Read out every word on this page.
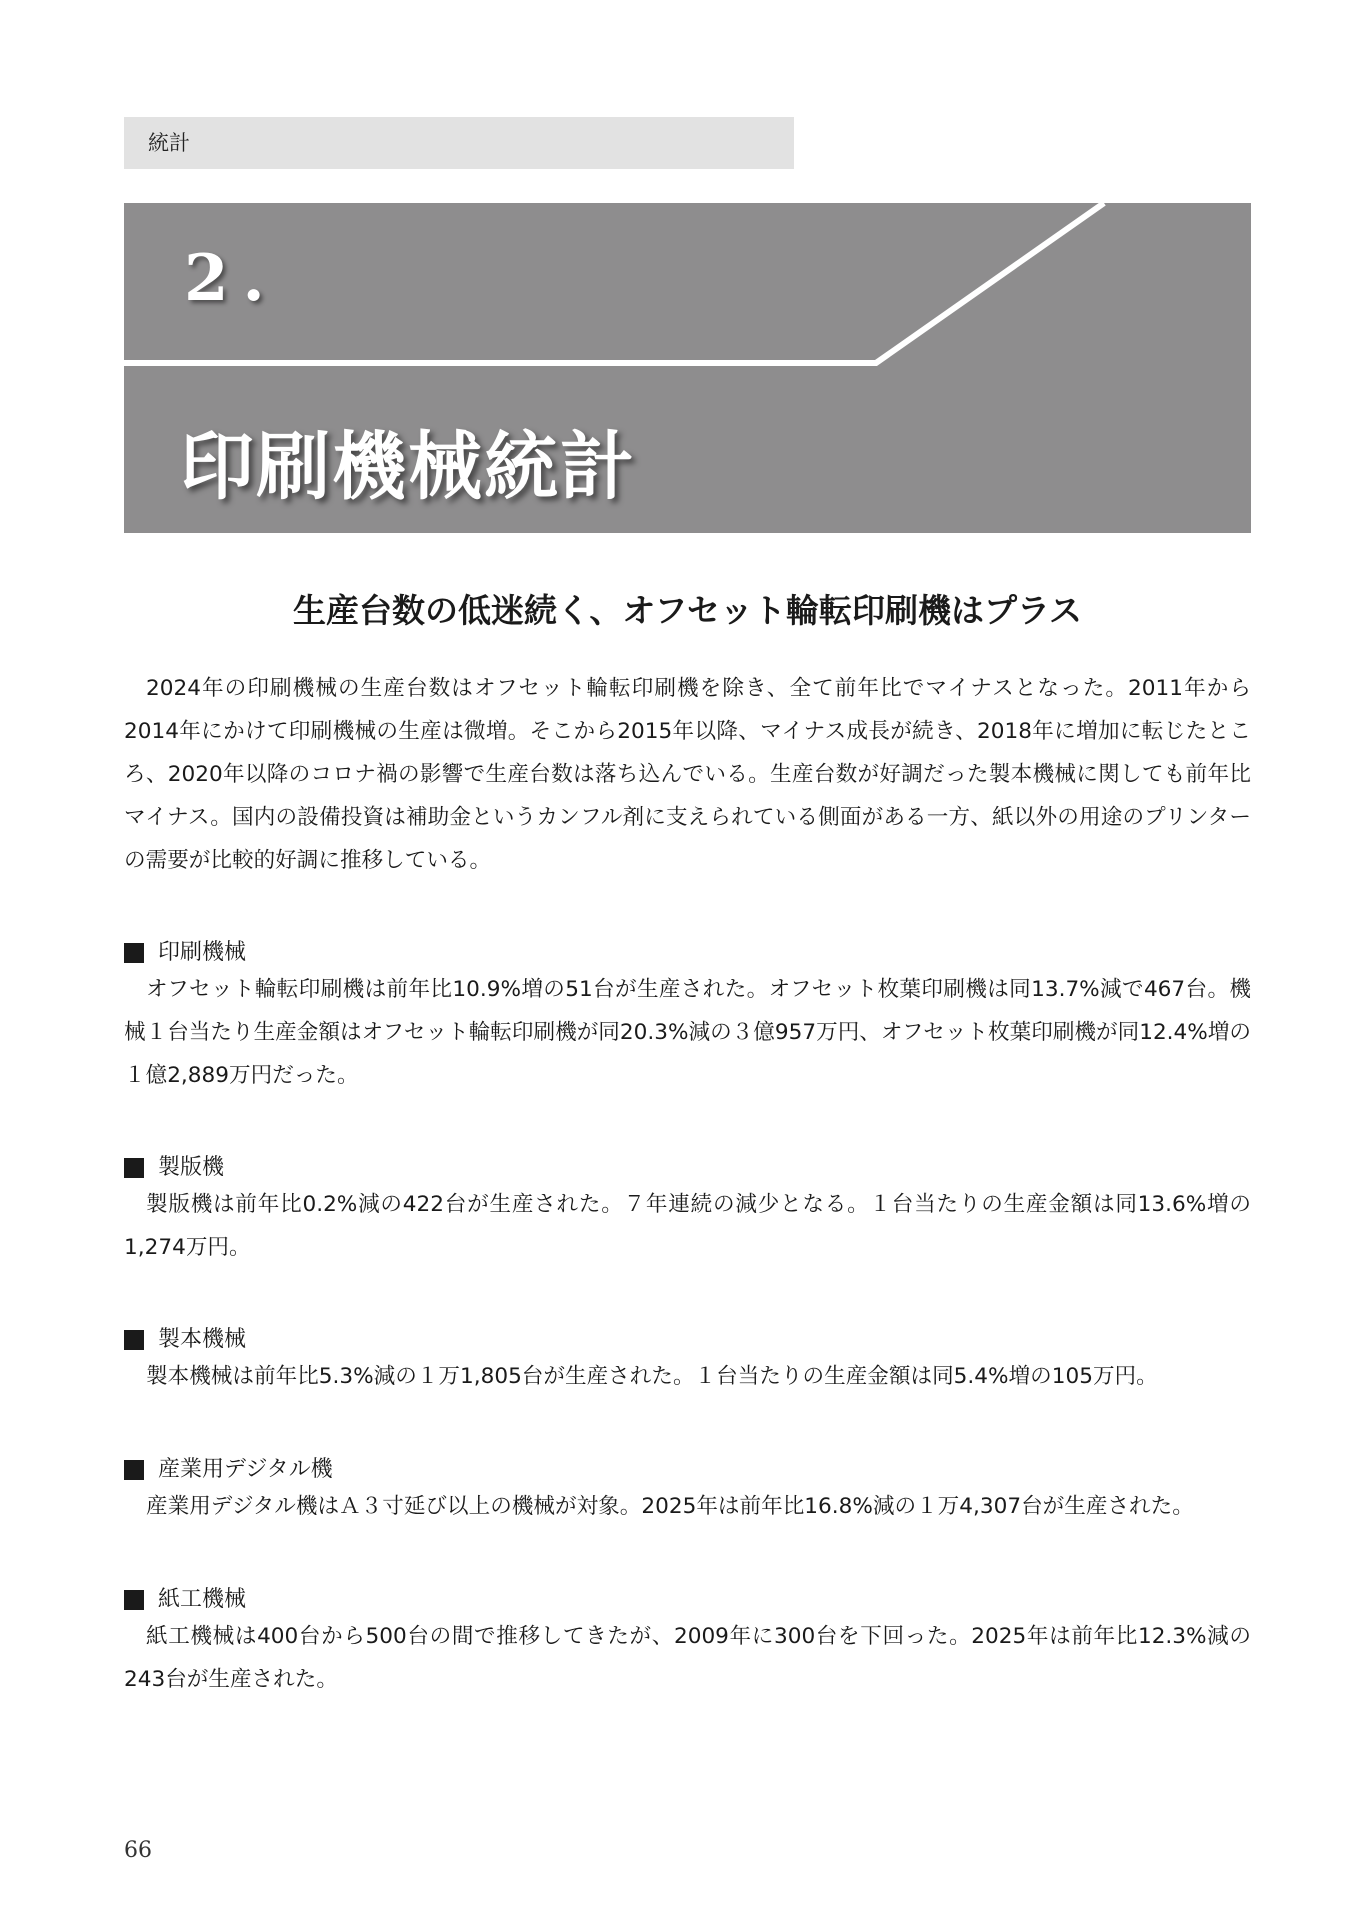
統計
2.
印刷機械統計
生産台数の低迷続く、オフセット輪転印刷機はプラス

2024年の印刷機械の生産台数はオフセット輪転印刷機を除き、全て前年比でマイナスとなった。2011年から2014年にかけて印刷機械の生産は微増。そこから2015年以降、マイナス成長が続き、2018年に増加に転じたところ、2020年以降のコロナ禍の影響で生産台数は落ち込んでいる。生産台数が好調だった製本機械に関しても前年比マイナス。国内の設備投資は補助金というカンフル剤に支えられている側面がある一方、紙以外の用途のプリンターの需要が比較的好調に推移している。

印刷機械

オフセット輪転印刷機は前年比10.9%増の51台が生産された。オフセット枚葉印刷機は同13.7%減で467台。機械１台当たり生産金額はオフセット輪転印刷機が同20.3%減の３億957万円、オフセット枚葉印刷機が同12.4%増の１億2,889万円だった。

製版機

製版機は前年比0.2%減の422台が生産された。７年連続の減少となる。１台当たりの生産金額は同13.6%増の1,274万円。

製本機械

製本機械は前年比5.3%減の１万1,805台が生産された。１台当たりの生産金額は同5.4%増の105万円。

産業用デジタル機

産業用デジタル機はＡ３寸延び以上の機械が対象。2025年は前年比16.8%減の１万4,307台が生産された。

紙工機械

紙工機械は400台から500台の間で推移してきたが、2009年に300台を下回った。2025年は前年比12.3%減の243台が生産された。

66
